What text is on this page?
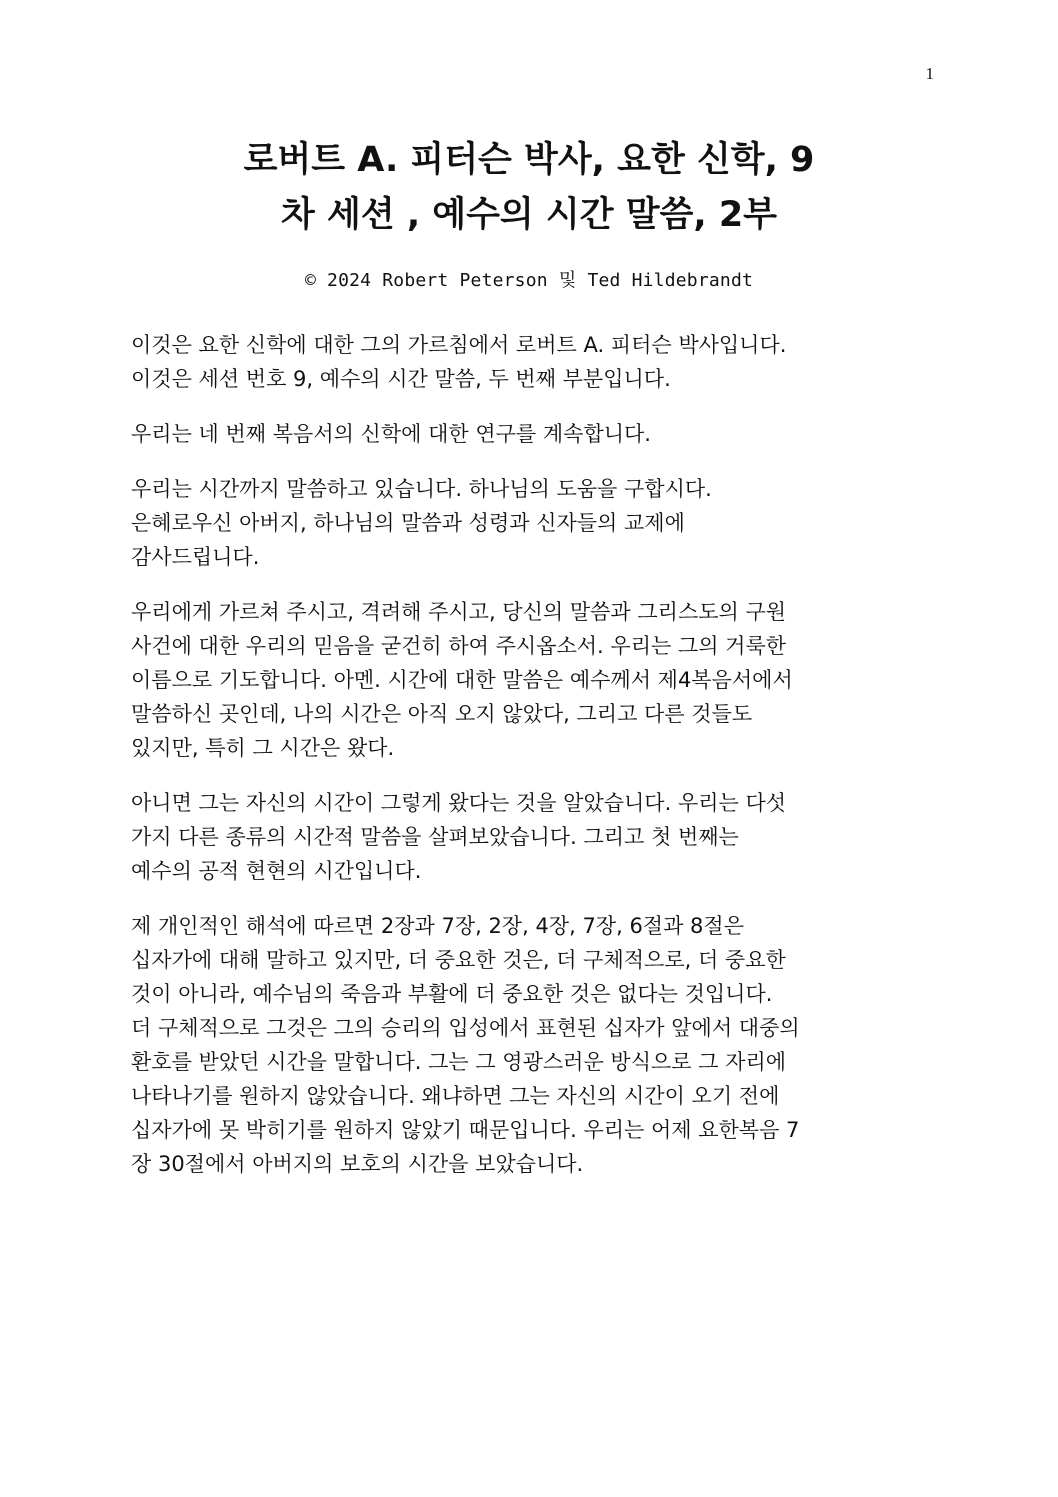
1
로버트 A. 피터슨 박사, 요한 신학, 9
차 세션 , 예수의 시간 말씀, 2부
© 2024 Robert Peterson 및 Ted Hildebrandt

이것은 요한 신학에 대한 그의 가르침에서 로버트 A. 피터슨 박사입니다.
이것은 세션 번호 9, 예수의 시간 말씀, 두 번째 부분입니다.

우리는 네 번째 복음서의 신학에 대한 연구를 계속합니다.

우리는 시간까지 말씀하고 있습니다. 하나님의 도움을 구합시다.
은혜로우신 아버지, 하나님의 말씀과 성령과 신자들의 교제에
감사드립니다.

우리에게 가르쳐 주시고, 격려해 주시고, 당신의 말씀과 그리스도의 구원
사건에 대한 우리의 믿음을 굳건히 하여 주시옵소서. 우리는 그의 거룩한
이름으로 기도합니다. 아멘. 시간에 대한 말씀은 예수께서 제4복음서에서
말씀하신 곳인데, 나의 시간은 아직 오지 않았다, 그리고 다른 것들도
있지만, 특히 그 시간은 왔다.

아니면 그는 자신의 시간이 그렇게 왔다는 것을 알았습니다. 우리는 다섯
가지 다른 종류의 시간적 말씀을 살펴보았습니다. 그리고 첫 번째는
예수의 공적 현현의 시간입니다.

제 개인적인 해석에 따르면 2장과 7장, 2장, 4장, 7장, 6절과 8절은
십자가에 대해 말하고 있지만, 더 중요한 것은, 더 구체적으로, 더 중요한
것이 아니라, 예수님의 죽음과 부활에 더 중요한 것은 없다는 것입니다.
더 구체적으로 그것은 그의 승리의 입성에서 표현된 십자가 앞에서 대중의
환호를 받았던 시간을 말합니다. 그는 그 영광스러운 방식으로 그 자리에
나타나기를 원하지 않았습니다. 왜냐하면 그는 자신의 시간이 오기 전에
십자가에 못 박히기를 원하지 않았기 때문입니다. 우리는 어제 요한복음 7
장 30절에서 아버지의 보호의 시간을 보았습니다.
